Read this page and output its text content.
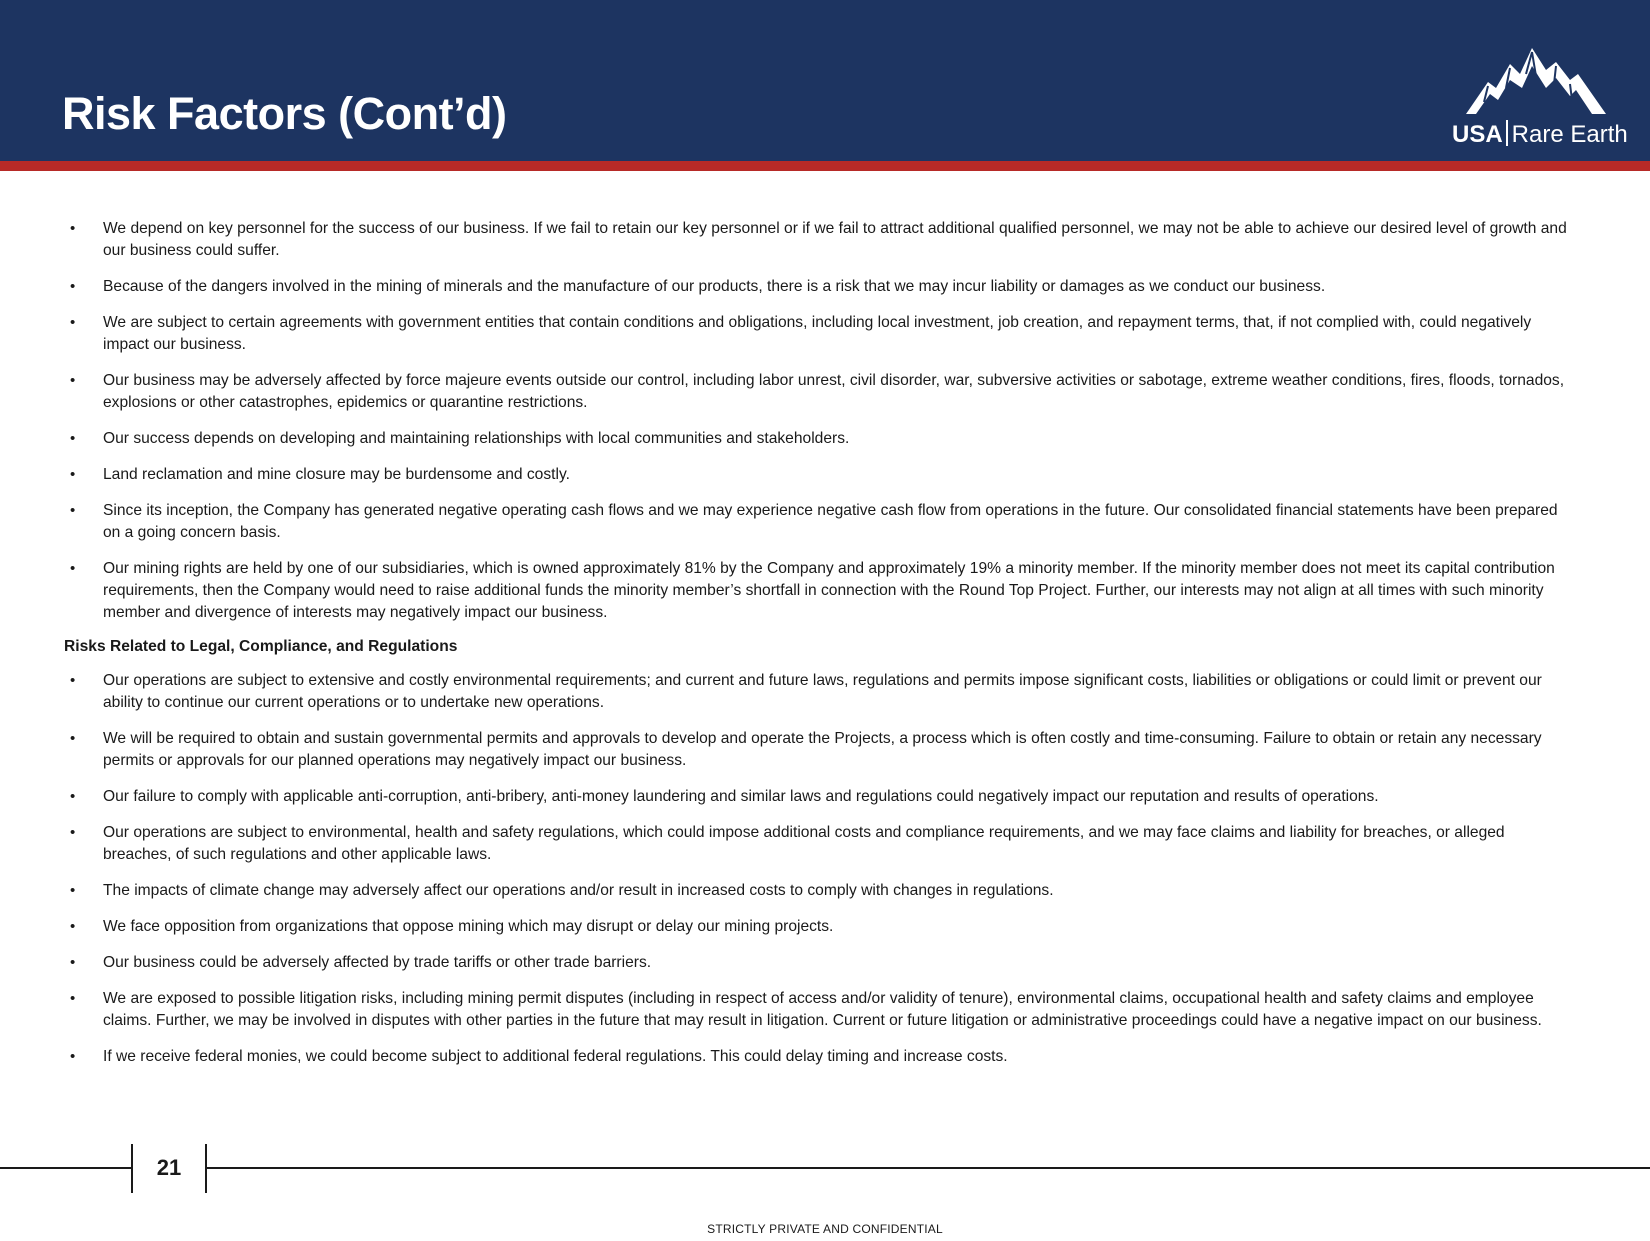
Risk Factors (Cont’d)	USA Rare Earth
• We depend on key personnel for the success of our business. If we fail to retain our key personnel or if we fail to attract additional qualified personnel, we may not be able to achieve our desired level of growth and our business could suffer.
• Because of the dangers involved in the mining of minerals and the manufacture of our products, there is a risk that we may incur liability or damages as we conduct our business.
• We are subject to certain agreements with government entities that contain conditions and obligations, including local investment, job creation, and repayment terms, that, if not complied with, could negatively impact our business.
• Our business may be adversely affected by force majeure events outside our control, including labor unrest, civil disorder, war, subversive activities or sabotage, extreme weather conditions, fires, floods, tornados, explosions or other catastrophes, epidemics or quarantine restrictions.
• Our success depends on developing and maintaining relationships with local communities and stakeholders.
• Land reclamation and mine closure may be burdensome and costly.
• Since its inception, the Company has generated negative operating cash flows and we may experience negative cash flow from operations in the future. Our consolidated financial statements have been prepared on a going concern basis.
• Our mining rights are held by one of our subsidiaries, which is owned approximately 81% by the Company and approximately 19% a minority member. If the minority member does not meet its capital contribution requirements, then the Company would need to raise additional funds the minority member’s shortfall in connection with the Round Top Project. Further, our interests may not align at all times with such minority member and divergence of interests may negatively impact our business.
Risks Related to Legal, Compliance, and Regulations
• Our operations are subject to extensive and costly environmental requirements; and current and future laws, regulations and permits impose significant costs, liabilities or obligations or could limit or prevent our ability to continue our current operations or to undertake new operations.
• We will be required to obtain and sustain governmental permits and approvals to develop and operate the Projects, a process which is often costly and time-consuming. Failure to obtain or retain any necessary permits or approvals for our planned operations may negatively impact our business.
• Our failure to comply with applicable anti-corruption, anti-bribery, anti-money laundering and similar laws and regulations could negatively impact our reputation and results of operations.
• Our operations are subject to environmental, health and safety regulations, which could impose additional costs and compliance requirements, and we may face claims and liability for breaches, or alleged breaches, of such regulations and other applicable laws.
• The impacts of climate change may adversely affect our operations and/or result in increased costs to comply with changes in regulations.
• We face opposition from organizations that oppose mining which may disrupt or delay our mining projects.
• Our business could be adversely affected by trade tariffs or other trade barriers.
• We are exposed to possible litigation risks, including mining permit disputes (including in respect of access and/or validity of tenure), environmental claims, occupational health and safety claims and employee claims. Further, we may be involved in disputes with other parties in the future that may result in litigation. Current or future litigation or administrative proceedings could have a negative impact on our business.
• If we receive federal monies, we could become subject to additional federal regulations. This could delay timing and increase costs.
21
STRICTLY PRIVATE AND CONFIDENTIAL
